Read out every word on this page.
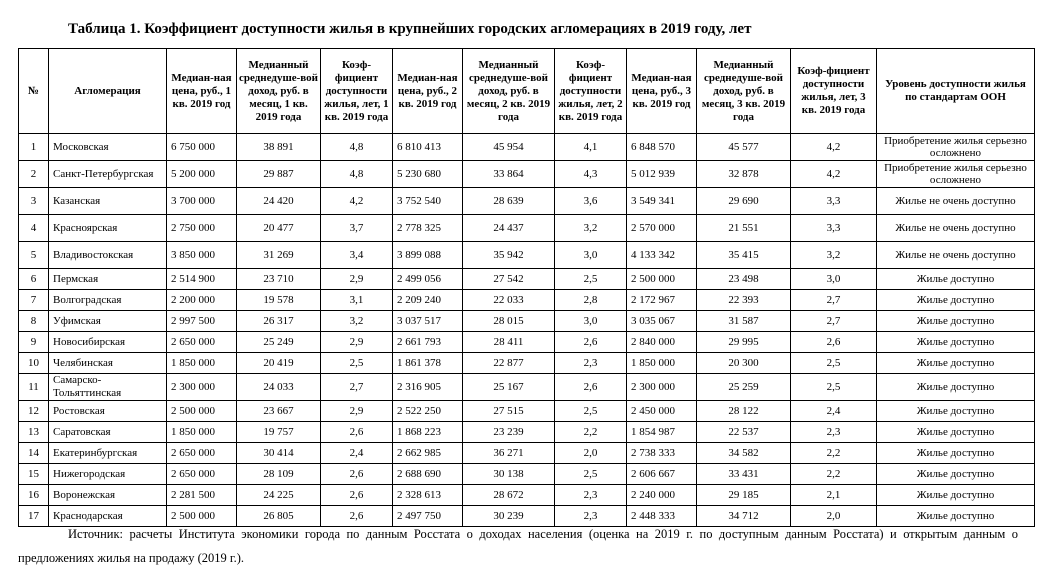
Таблица 1. Коэффициент доступности жилья в крупнейших городских агломерациях в 2019 году, лет
№	Агломерация	Медиан-ная цена, руб., 1 кв. 2019 год	Медианный среднедуше-вой доход, руб. в месяц, 1 кв. 2019 года	Коэф-фициент доступности жилья, лет, 1 кв. 2019 года	Медиан-ная цена, руб., 2 кв. 2019 год	Медианный среднедуше-вой доход, руб. в месяц, 2 кв. 2019 года	Коэф-фициент доступности жилья, лет, 2 кв. 2019 года	Медиан-ная цена, руб., 3 кв. 2019 год	Медианный среднедуше-вой доход, руб. в месяц, 3 кв. 2019 года	Коэф-фициент доступности жилья, лет, 3 кв. 2019 года	Уровень доступности жилья по стандартам ООН
1	Московская	6 750 000	38 891	4,8	6 810 413	45 954	4,1	6 848 570	45 577	4,2	Приобретение жилья серьезно осложнено
2	Санкт-Петербургская	5 200 000	29 887	4,8	5 230 680	33 864	4,3	5 012 939	32 878	4,2	Приобретение жилья серьезно осложнено
3	Казанская	3 700 000	24 420	4,2	3 752 540	28 639	3,6	3 549 341	29 690	3,3	Жилье не очень доступно
4	Красноярская	2 750 000	20 477	3,7	2 778 325	24 437	3,2	2 570 000	21 551	3,3	Жилье не очень доступно
5	Владивостокская	3 850 000	31 269	3,4	3 899 088	35 942	3,0	4 133 342	35 415	3,2	Жилье не очень доступно
6	Пермская	2 514 900	23 710	2,9	2 499 056	27 542	2,5	2 500 000	23 498	3,0	Жилье доступно
7	Волгоградская	2 200 000	19 578	3,1	2 209 240	22 033	2,8	2 172 967	22 393	2,7	Жилье доступно
8	Уфимская	2 997 500	26 317	3,2	3 037 517	28 015	3,0	3 035 067	31 587	2,7	Жилье доступно
9	Новосибирская	2 650 000	25 249	2,9	2 661 793	28 411	2,6	2 840 000	29 995	2,6	Жилье доступно
10	Челябинская	1 850 000	20 419	2,5	1 861 378	22 877	2,3	1 850 000	20 300	2,5	Жилье доступно
11	Самарско-Тольяттинская	2 300 000	24 033	2,7	2 316 905	25 167	2,6	2 300 000	25 259	2,5	Жилье доступно
12	Ростовская	2 500 000	23 667	2,9	2 522 250	27 515	2,5	2 450 000	28 122	2,4	Жилье доступно
13	Саратовская	1 850 000	19 757	2,6	1 868 223	23 239	2,2	1 854 987	22 537	2,3	Жилье доступно
14	Екатеринбургская	2 650 000	30 414	2,4	2 662 985	36 271	2,0	2 738 333	34 582	2,2	Жилье доступно
15	Нижегородская	2 650 000	28 109	2,6	2 688 690	30 138	2,5	2 606 667	33 431	2,2	Жилье доступно
16	Воронежская	2 281 500	24 225	2,6	2 328 613	28 672	2,3	2 240 000	29 185	2,1	Жилье доступно
17	Краснодарская	2 500 000	26 805	2,6	2 497 750	30 239	2,3	2 448 333	34 712	2,0	Жилье доступно
Источник: расчеты Института экономики города по данным Росстата о доходах населения (оценка на 2019 г. по доступным данным Росстата) и открытым данным о предложениях жилья на продажу (2019 г.).
